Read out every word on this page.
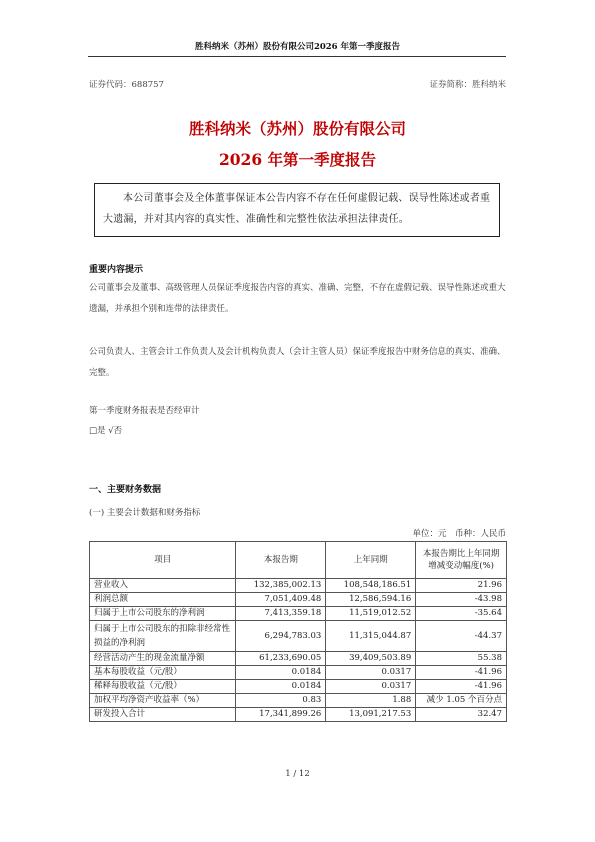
胜科纳米（苏州）股份有限公司2026 年第一季度报告
证券代码：688757	证券简称：胜科纳米
胜科纳米（苏州）股份有限公司
2026 年第一季度报告
本公司董事会及全体董事保证本公告内容不存在任何虚假记载、误导性陈述或者重大遗漏，并对其内容的真实性、准确性和完整性依法承担法律责任。
重要内容提示
公司董事会及董事、高级管理人员保证季度报告内容的真实、准确、完整，不存在虚假记载、误导性陈述或重大遗漏，并承担个别和连带的法律责任。
公司负责人、主管会计工作负责人及会计机构负责人（会计主管人员）保证季度报告中财务信息的真实、准确、完整。
第一季度财务报表是否经审计
□是 √否
一、主要财务数据
(一) 主要会计数据和财务指标
单位：元　币种：人民币
项目	本报告期	上年同期	本报告期比上年同期增减变动幅度(%)
营业收入	132,385,002.13	108,548,186.51	21.96
利润总额	7,051,409.48	12,586,594.16	-43.98
归属于上市公司股东的净利润	7,413,359.18	11,519,012.52	-35.64
归属于上市公司股东的扣除非经常性损益的净利润	6,294,783.03	11,315,044.87	-44.37
经营活动产生的现金流量净额	61,233,690.05	39,409,503.89	55.38
基本每股收益（元/股）	0.0184	0.0317	-41.96
稀释每股收益（元/股）	0.0184	0.0317	-41.96
加权平均净资产收益率（%）	0.83	1.88	减少 1.05 个百分点
研发投入合计	17,341,899.26	13,091,217.53	32.47
1 / 12
